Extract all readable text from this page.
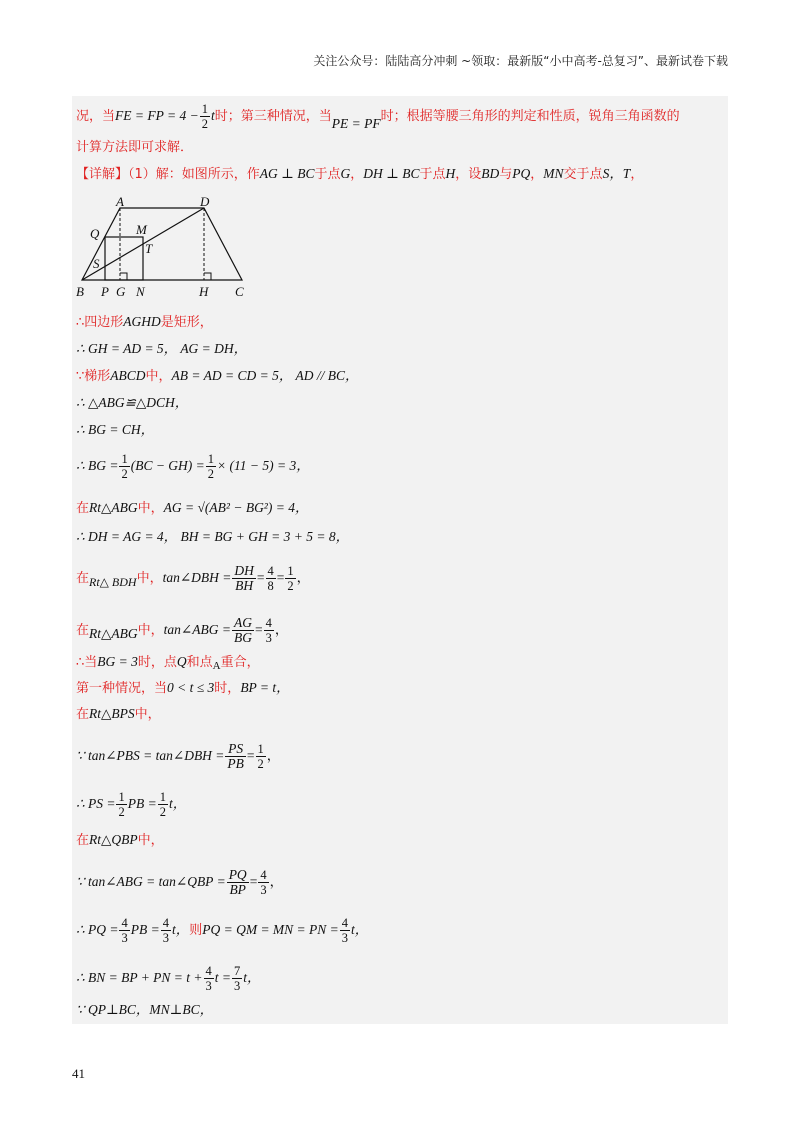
关注公众号：陆陆高分冲刺 ~领取：最新版“小中高考-总复习”、最新试卷下载
况，当FE = FP = $4 - \frac{1}{2}$ t时；第三种情况，当PE = PF时；根据等腰三角形的判定和性质，锐角三角函数的
计算方法即可求解．
【详解】（1）解：如图所示，作AG ⊥ BC于点G，DH ⊥ BC于点H，设BD与PQ，MN交于点S，T，
A	D
Q	M
T
S
B P G N	H C
∴四边形AGHD是矩形，
∴ GH = AD = 5， AG = DH，
∵梯形ABCD中，AB = AD = CD = 5， AD // BC，
∴ △ABG≌△DCH，
∴ BG = CH，
∴ BG = $\frac{1}{2} (BC - GH) = \frac{1}{2} \times (11 - 5) = 3$，
在Rt△ABG中，AG = √(AB² − BG²) = 4，
∴ DH = AG = 4， BH = BG + GH = 3 + 5 = 8，
在Rt△ BDH中，tan∠DBH = $\frac{DH}{BH} = \frac{4}{8} = \frac{1}{2}$ ，
在Rt△ABG中，tan∠ABG = $\frac{AG}{BG} = \frac{4}{3}$ ，
∴当BG = 3时，点Q和点$_A$重合，
第一种情况，当0 < t ≤ 3时，BP = t，
在Rt△BPS中，
∵ tan∠PBS = tan∠DBH = $\frac{PS}{PB} = \frac{1}{2}$ ，
∴ PS = $\frac{1}{2}$ PB = $\frac{1}{2}$ t，
在Rt△QBP中，
∵ tan∠ABG = tan∠QBP = $\frac{PQ}{BP} = \frac{4}{3}$ ，
∴ PQ = $\frac{4}{3}$ PB = $\frac{4}{3}$ t，则PQ = QM = MN = PN = $\frac{4}{3}$ t，
∴ BN = BP + PN = $t + \frac{4}{3}$ $t = \frac{7}{3}$ t，
∵ QP⊥BC，MN⊥BC，
41
